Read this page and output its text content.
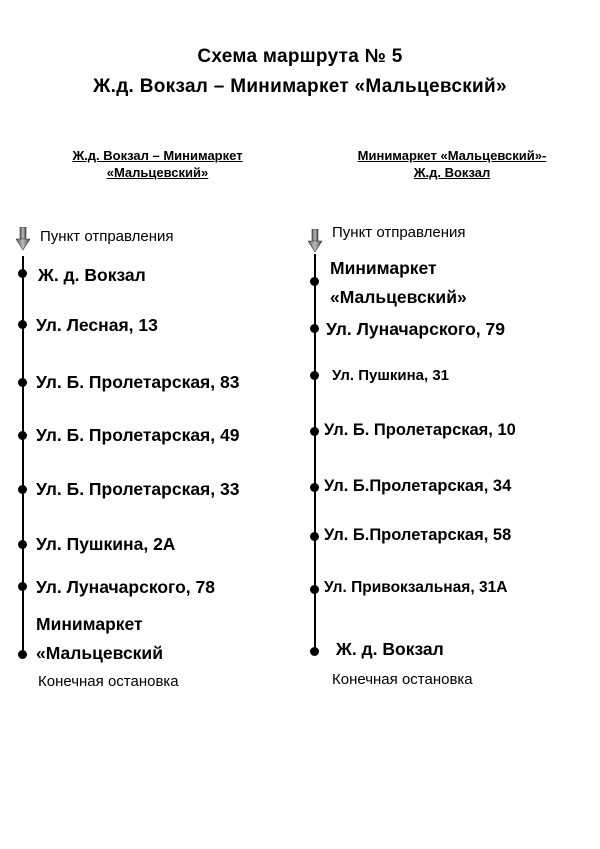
Схема маршрута № 5
Ж.д. Вокзал – Минимаркет «Мальцевский»
Ж.д. Вокзал – Минимаркет
«Мальцевский»
Минимаркет «Мальцевский»-
Ж.д. Вокзал
Пункт отправления
Ж. д. Вокзал
Ул. Лесная, 13
Ул. Б. Пролетарская, 83
Ул. Б. Пролетарская, 49
Ул. Б. Пролетарская, 33
Ул. Пушкина, 2А
Ул. Луначарского, 78
Минимаркет
«Мальцевский
Конечная остановка
Пункт отправления
Минимаркет
«Мальцевский»
Ул. Луначарского, 79
Ул. Пушкина, 31
Ул. Б. Пролетарская, 10
Ул. Б.Пролетарская, 34
Ул. Б.Пролетарская, 58
Ул. Привокзальная, 31А
Ж. д. Вокзал
Конечная остановка
